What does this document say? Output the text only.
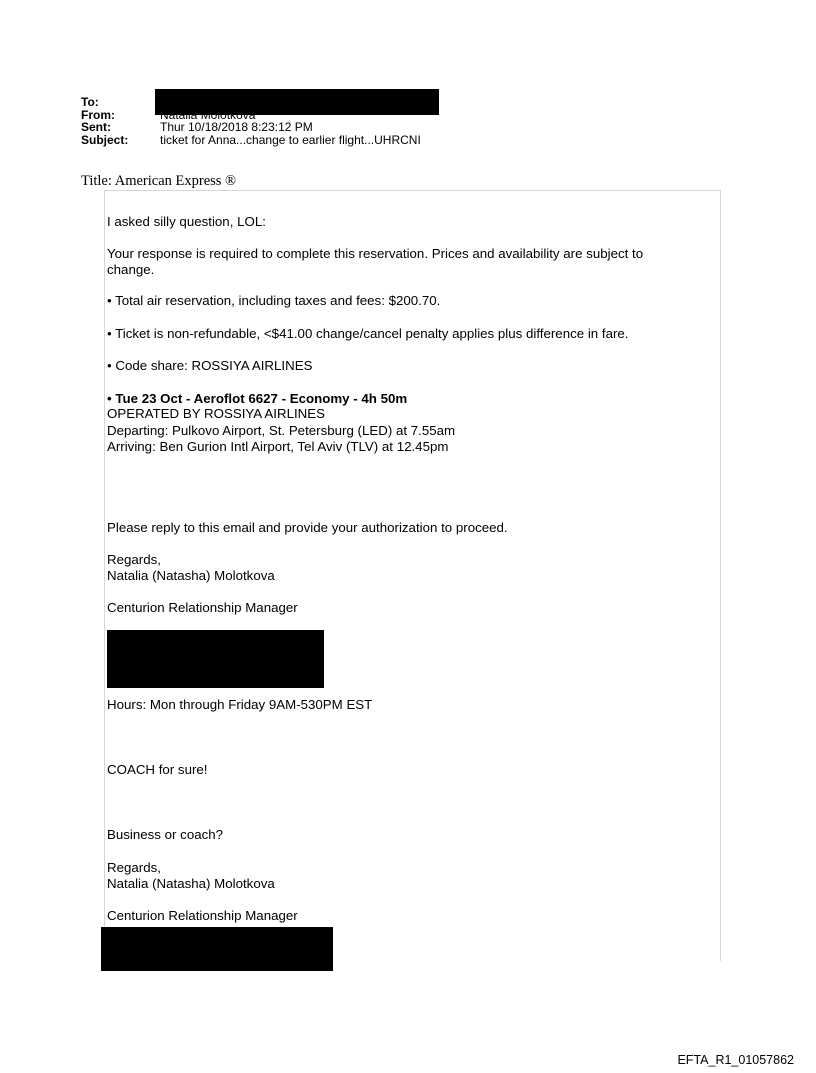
To:
From:
Sent:	Thur 10/18/2018 8:23:12 PM
Subject:	ticket for Anna...change to earlier flight...UHRCNI
Title: American Express ®
I asked silly question, LOL:
Your response is required to complete this reservation. Prices and availability are subject to
change.
• Total air reservation, including taxes and fees: $200.70.
• Ticket is non-refundable, <$41.00 change/cancel penalty applies plus difference in fare.
• Code share: ROSSIYA AIRLINES
• Tue 23 Oct - Aeroflot 6627 - Economy - 4h 50m
OPERATED BY ROSSIYA AIRLINES
Departing: Pulkovo Airport, St. Petersburg (LED) at 7.55am
Arriving: Ben Gurion Intl Airport, Tel Aviv (TLV) at 12.45pm
Please reply to this email and provide your authorization to proceed.
Regards,
Natalia (Natasha) Molotkova
Centurion Relationship Manager
Hours: Mon through Friday 9AM-530PM EST
COACH for sure!
Business or coach?
Regards,
Natalia (Natasha) Molotkova
Centurion Relationship Manager
EFTA_R1_01057862
